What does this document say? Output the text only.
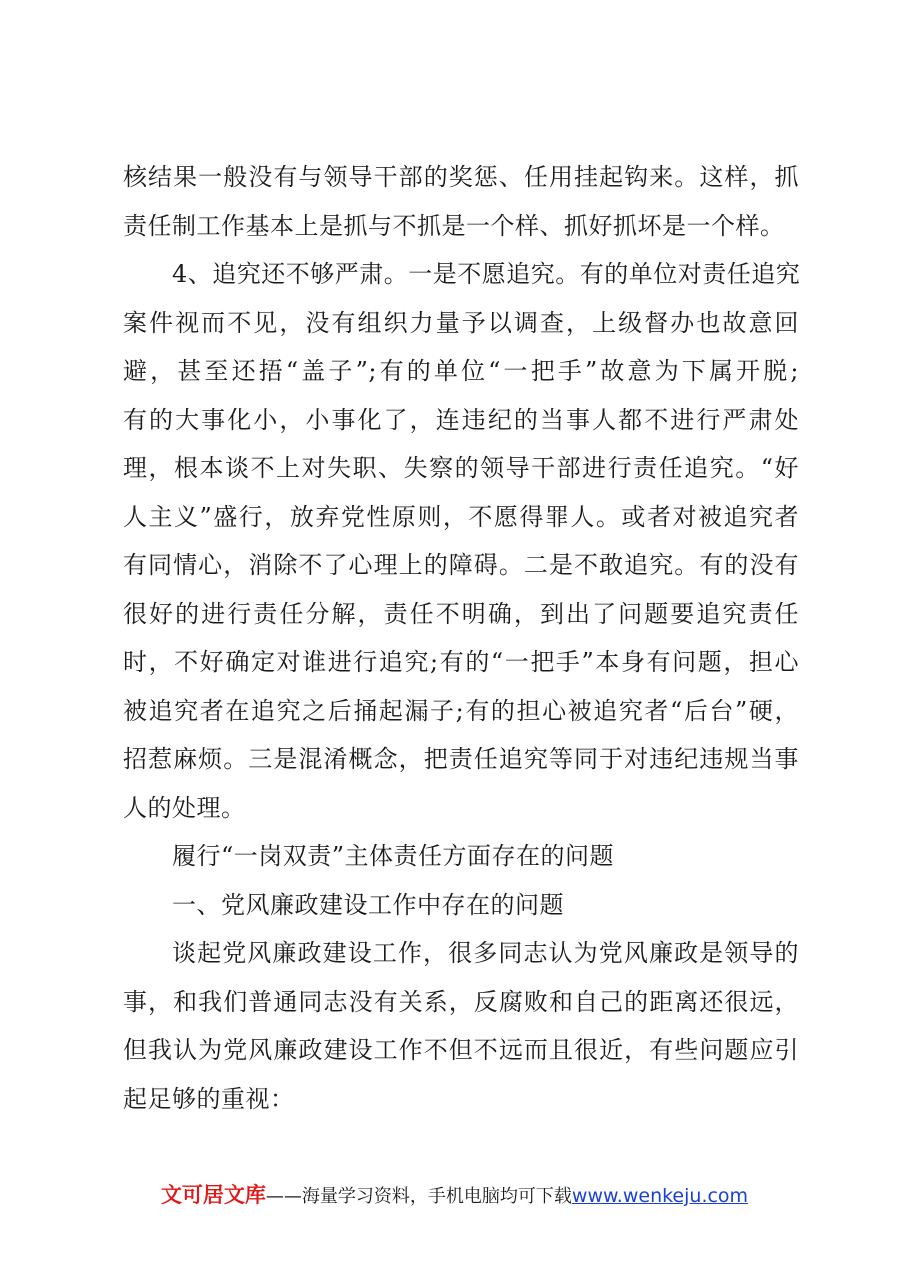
核结果一般没有与领导干部的奖惩、任用挂起钩来。这样，抓
责任制工作基本上是抓与不抓是一个样、抓好抓坏是一个样。
4、追究还不够严肃。一是不愿追究。有的单位对责任追究
案件视而不见，没有组织力量予以调查，上级督办也故意回
避，甚至还捂“盖子”;有的单位“一把手”故意为下属开脱;
有的大事化小，小事化了，连违纪的当事人都不进行严肃处
理，根本谈不上对失职、失察的领导干部进行责任追究。“好
人主义”盛行，放弃党性原则，不愿得罪人。或者对被追究者
有同情心，消除不了心理上的障碍。二是不敢追究。有的没有
很好的进行责任分解，责任不明确，到出了问题要追究责任
时，不好确定对谁进行追究;有的“一把手”本身有问题，担心
被追究者在追究之后捅起漏子;有的担心被追究者“后台”硬，
招惹麻烦。三是混淆概念，把责任追究等同于对违纪违规当事
人的处理。
履行“一岗双责”主体责任方面存在的问题
一、党风廉政建设工作中存在的问题
谈起党风廉政建设工作，很多同志认为党风廉政是领导的
事，和我们普通同志没有关系，反腐败和自己的距离还很远，
但我认为党风廉政建设工作不但不远而且很近，有些问题应引
起足够的重视：
文可居文库——海量学习资料，手机电脑均可下载www.wenkeju.com
